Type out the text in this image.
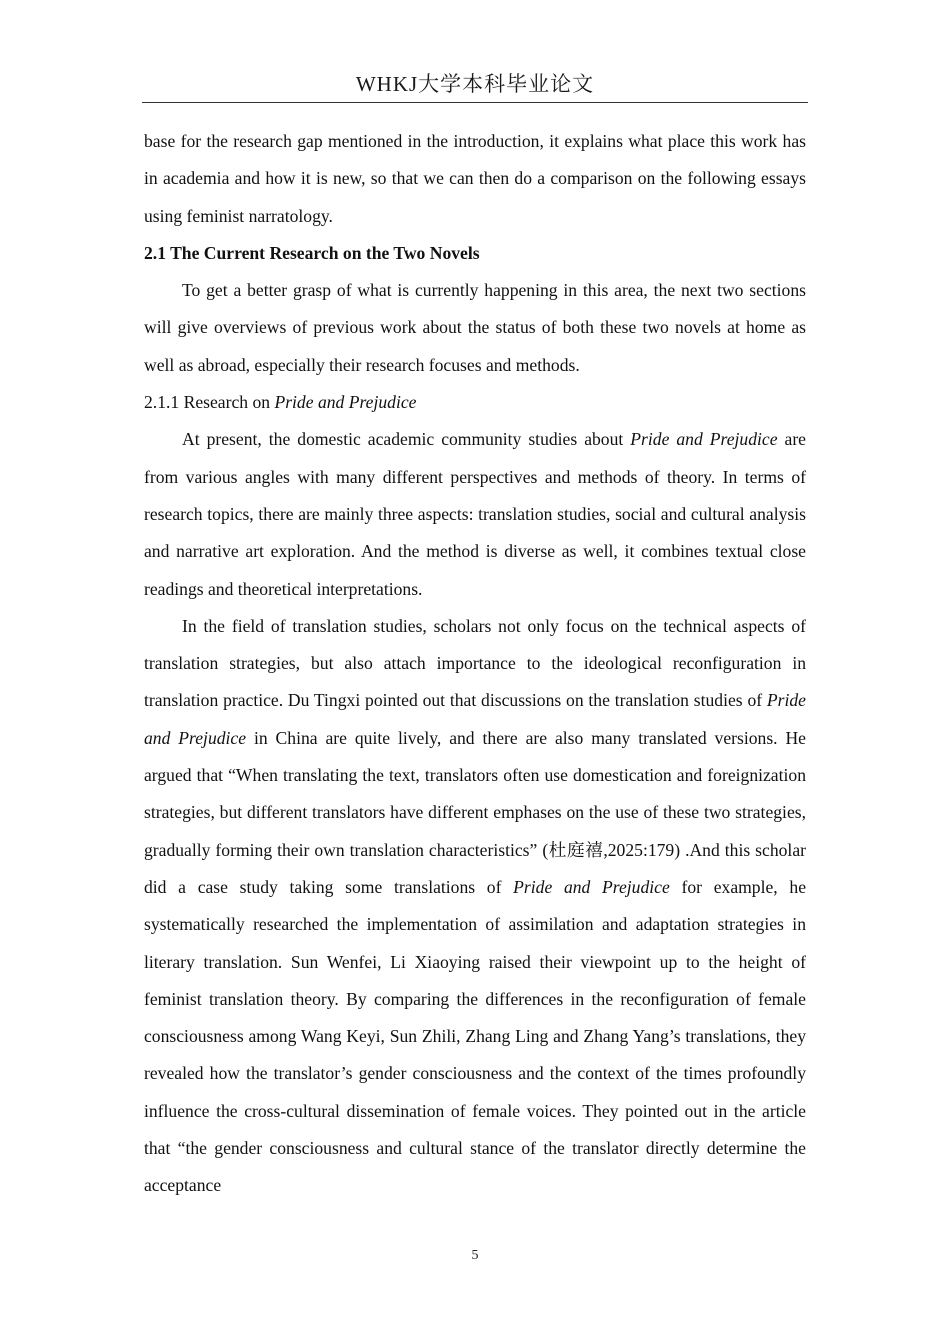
WHKJ大学本科毕业论文

base for the research gap mentioned in the introduction, it explains what place this work has in academia and how it is new, so that we can then do a comparison on the following essays using feminist narratology.

2.1 The Current Research on the Two Novels

To get a better grasp of what is currently happening in this area, the next two sections will give overviews of previous work about the status of both these two novels at home as well as abroad, especially their research focuses and methods.

2.1.1 Research on Pride and Prejudice

At present, the domestic academic community studies about Pride and Prejudice are from various angles with many different perspectives and methods of theory. In terms of research topics, there are mainly three aspects: translation studies, social and cultural analysis and narrative art exploration. And the method is diverse as well, it combines textual close readings and theoretical interpretations.

In the field of translation studies, scholars not only focus on the technical aspects of translation strategies, but also attach importance to the ideological reconfiguration in translation practice. Du Tingxi pointed out that discussions on the translation studies of Pride and Prejudice in China are quite lively, and there are also many translated versions. He argued that “When translating the text, translators often use domestication and foreignization strategies, but different translators have different emphases on the use of these two strategies, gradually forming their own translation characteristics” (杜庭禧,2025:179) .And this scholar did a case study taking some translations of Pride and Prejudice for example, he systematically researched the implementation of assimilation and adaptation strategies in literary translation. Sun Wenfei, Li Xiaoying raised their viewpoint up to the height of feminist translation theory. By comparing the differences in the reconfiguration of female consciousness among Wang Keyi, Sun Zhili, Zhang Ling and Zhang Yang’s translations, they revealed how the translator’s gender consciousness and the context of the times profoundly influence the cross-cultural dissemination of female voices. They pointed out in the article that “the gender consciousness and cultural stance of the translator directly determine the acceptance

5
